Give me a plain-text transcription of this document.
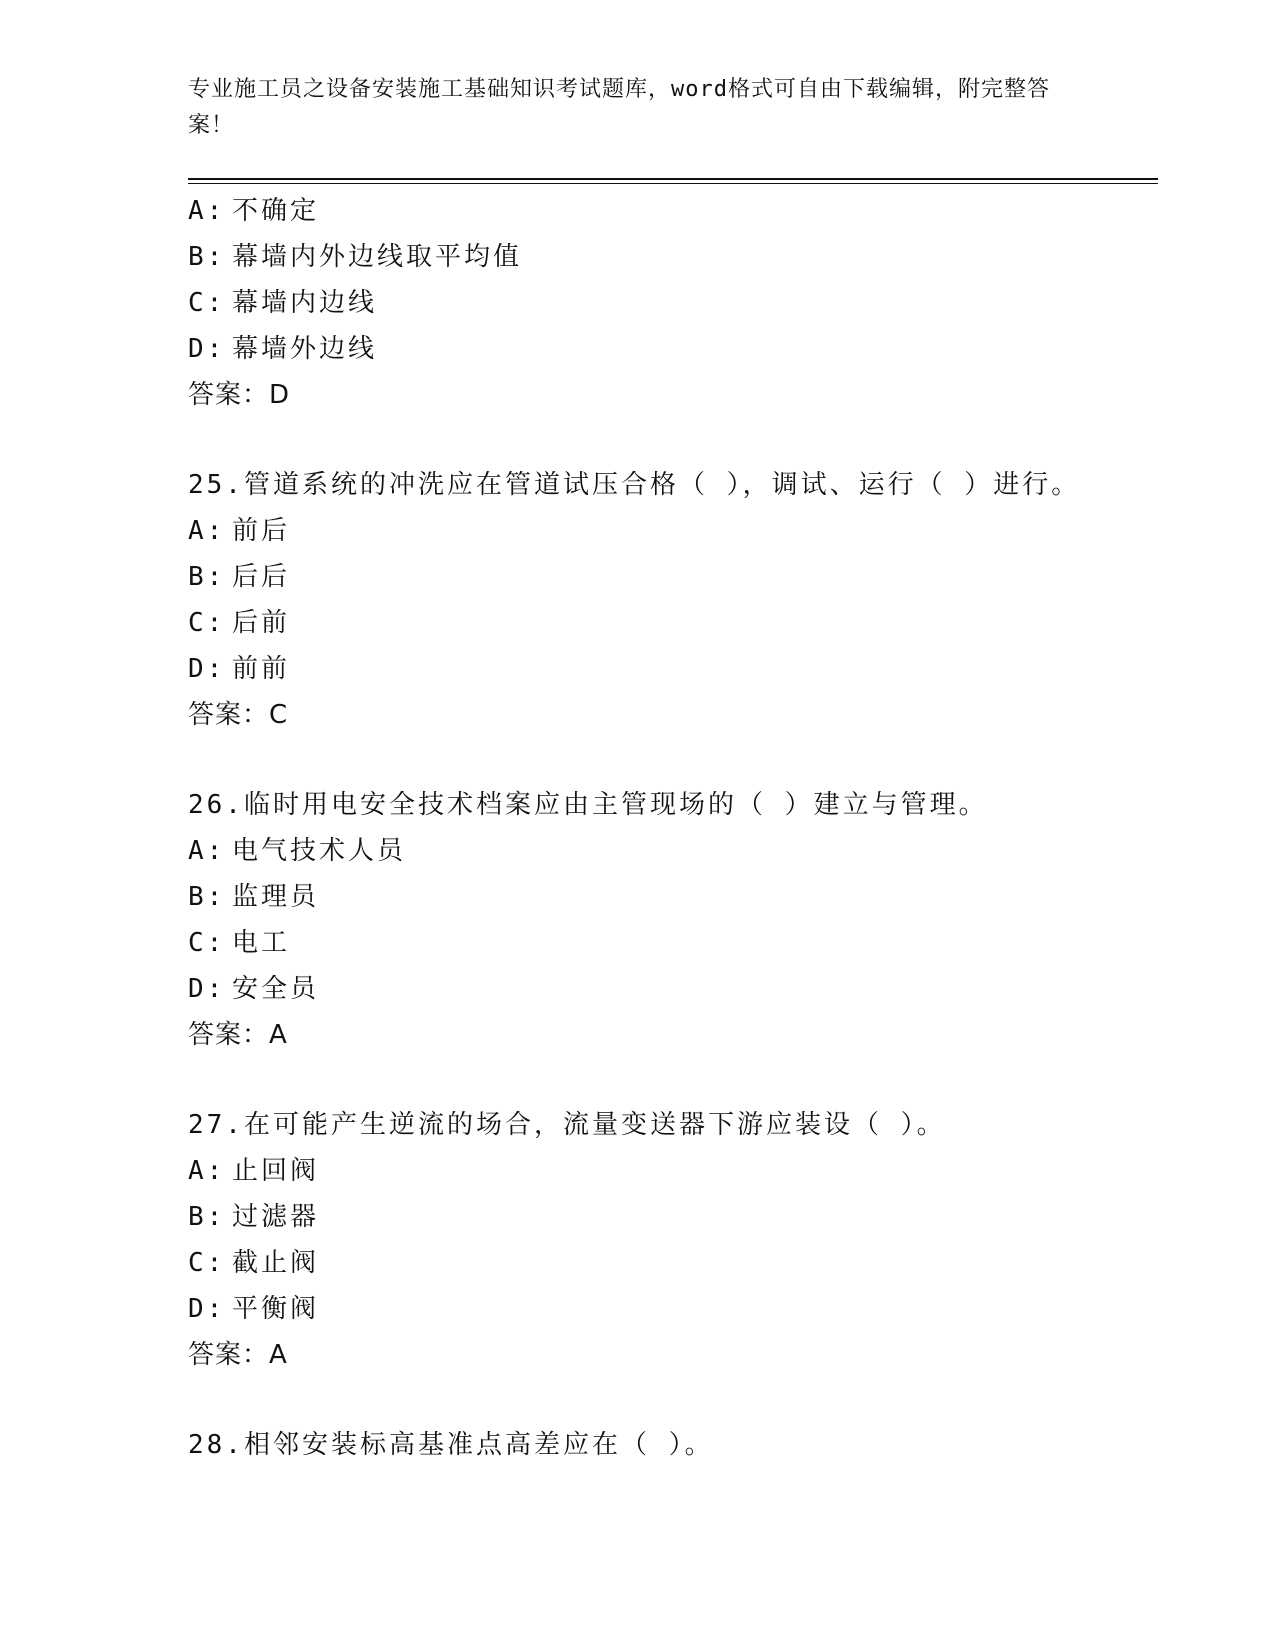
专业施工员之设备安装施工基础知识考试题库，word格式可自由下载编辑，附完整答案！
A: 不确定
B: 幕墙内外边线取平均值
C: 幕墙内边线
D: 幕墙外边线
答案：D
25.管道系统的冲洗应在管道试压合格（ ），调试、运行（ ）进行。
A: 前后
B: 后后
C: 后前
D: 前前
答案：C
26.临时用电安全技术档案应由主管现场的（ ）建立与管理。
A: 电气技术人员
B: 监理员
C: 电工
D: 安全员
答案：A
27.在可能产生逆流的场合，流量变送器下游应装设（ ）。
A: 止回阀
B: 过滤器
C: 截止阀
D: 平衡阀
答案：A
28.相邻安装标高基准点高差应在（ ）。
